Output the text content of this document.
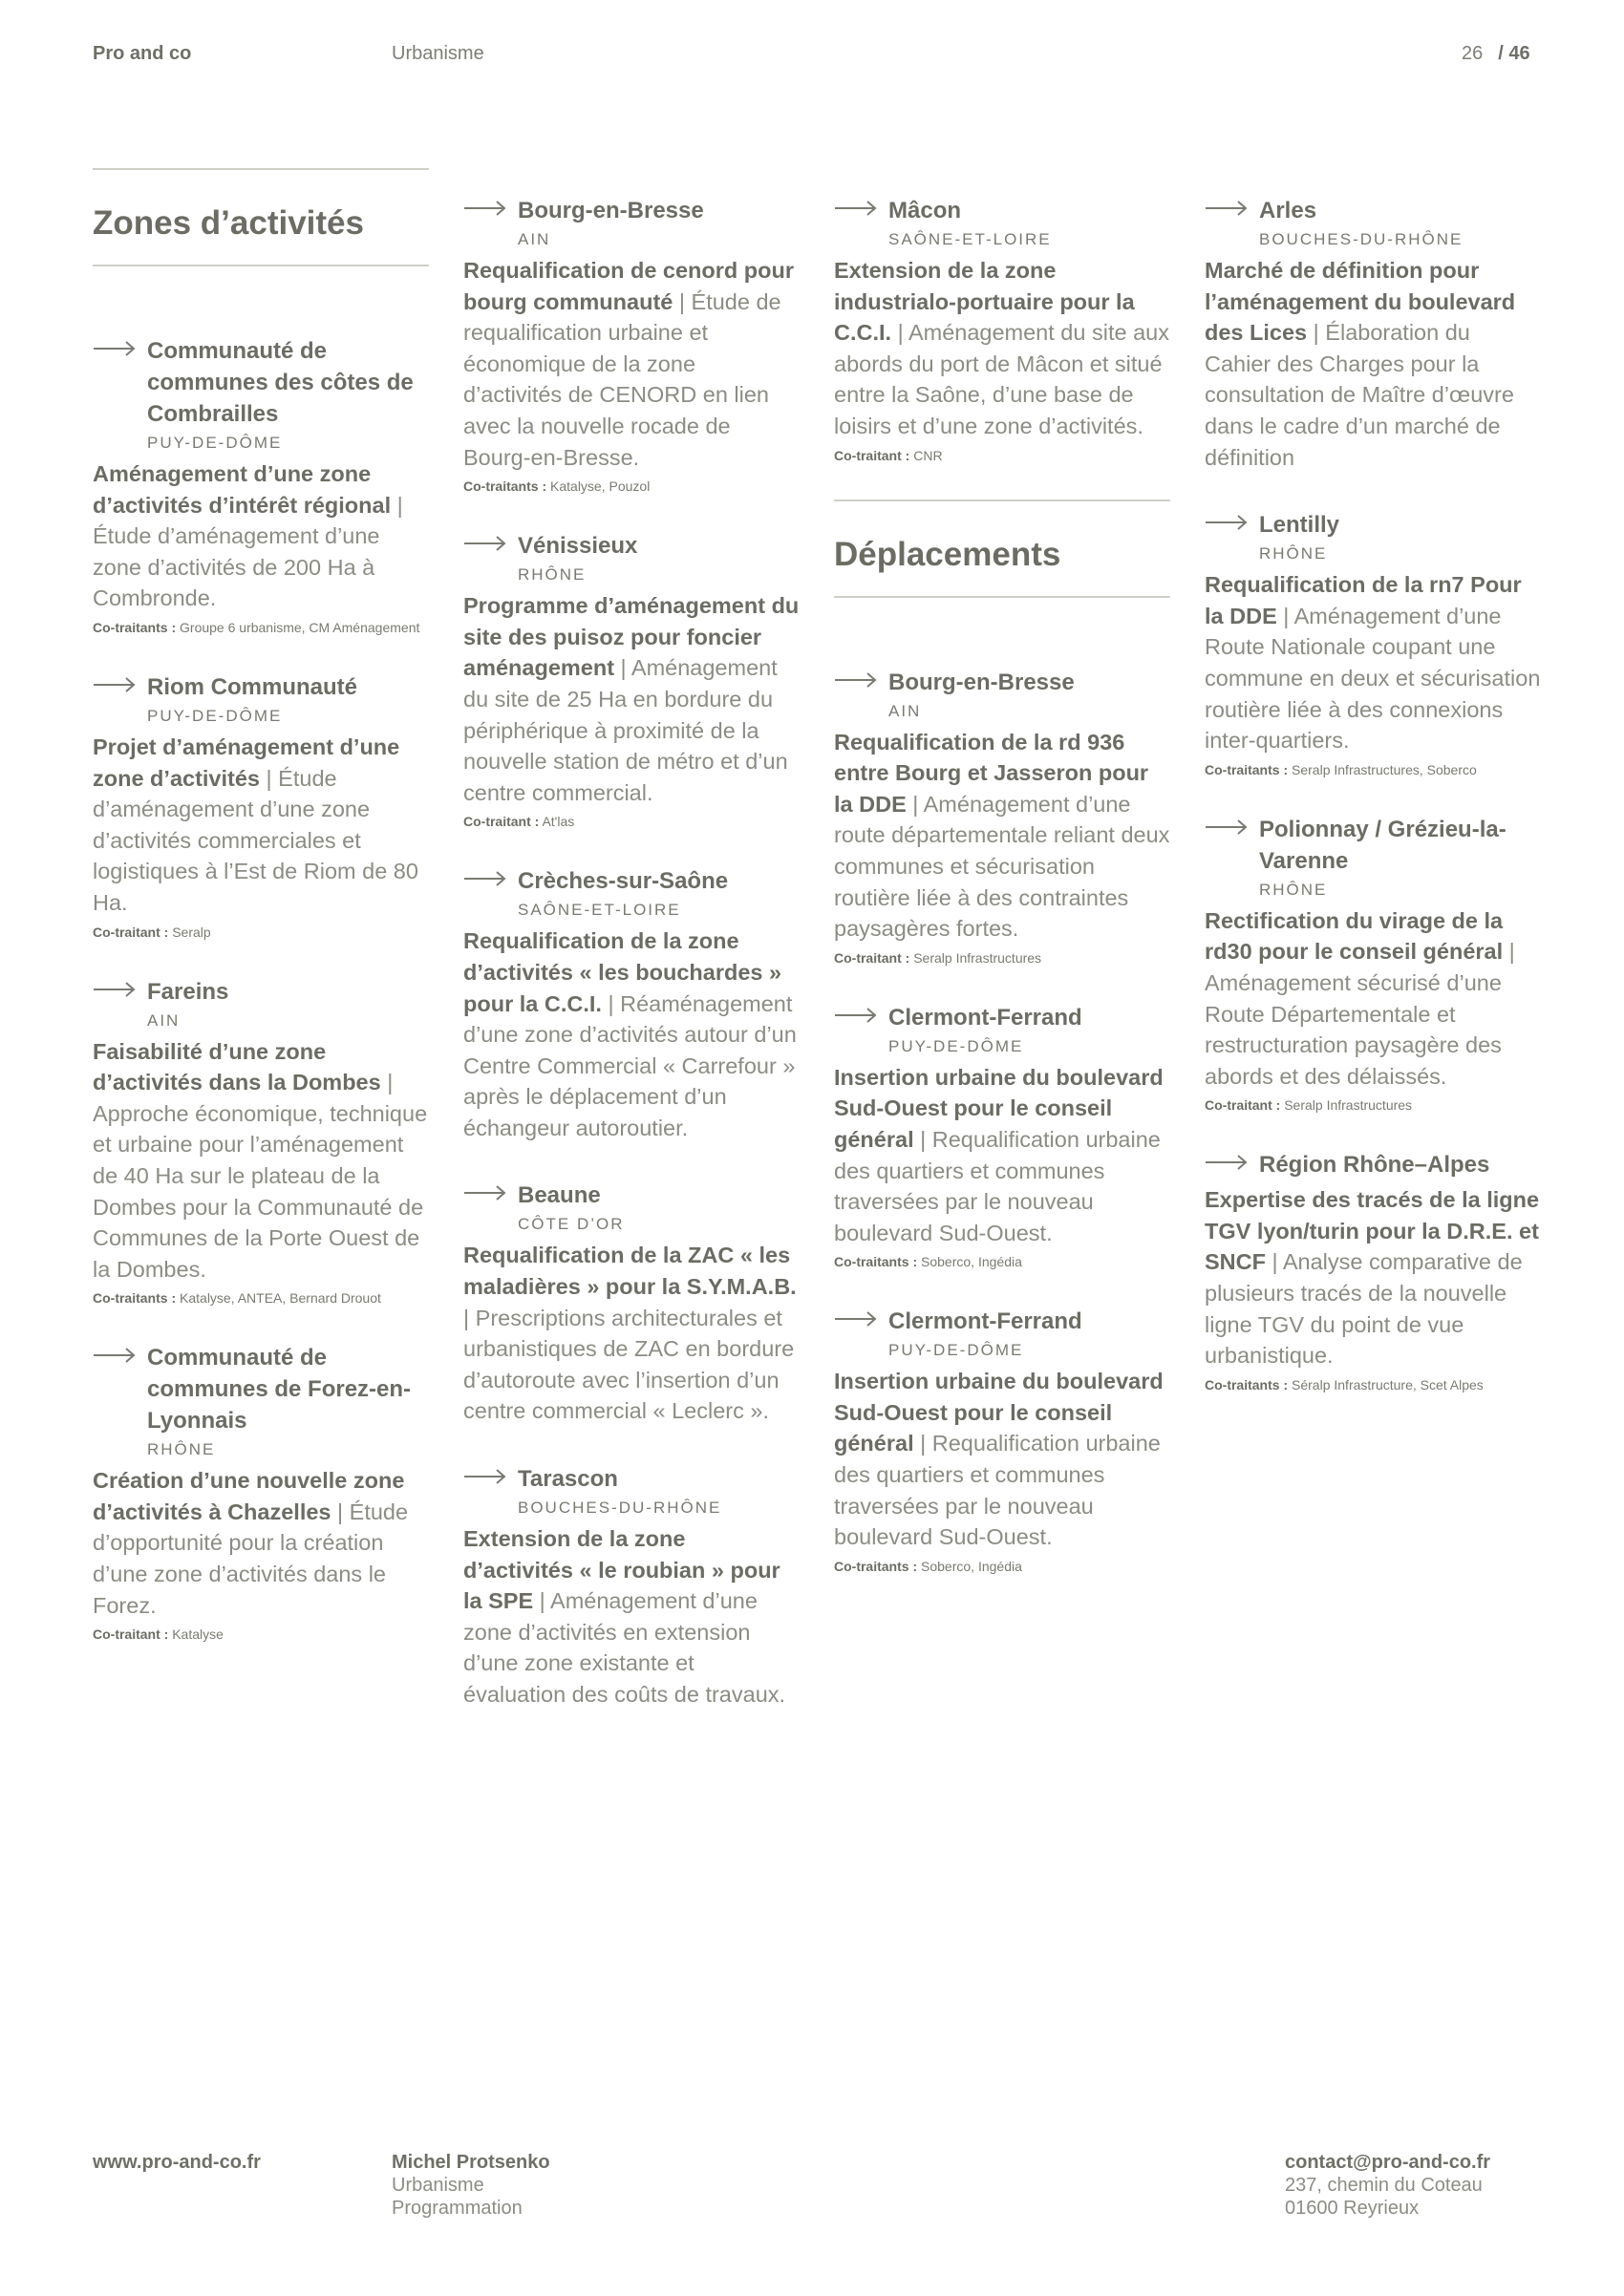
Pro and co	Urbanisme	26 / 46
Zones d’activités
Communauté de communes des côtes de Combrailles
PUY-DE-DÔME
Aménagement d’une zone d’activités d’intérêt régional | Étude d’aménagement d’une zone d’activités de 200 Ha à Combronde.
Co-traitants : Groupe 6 urbanisme, CM Aménagement
Riom Communauté
PUY-DE-DÔME
Projet d’aménagement d’une zone d’activités | Étude d’aménagement d’une zone d’activités commerciales et logistiques à l’Est de Riom de 80 Ha.
Co-traitant : Seralp
Fareins
AIN
Faisabilité d’une zone d’activités dans la Dombes | Approche économique, technique et urbaine pour l’aménagement de 40 Ha sur le plateau de la Dombes pour la Communauté de Communes de la Porte Ouest de la Dombes.
Co-traitants : Katalyse, ANTEA, Bernard Drouot
Communauté de communes de Forez-en-Lyonnais
RHÔNE
Création d’une nouvelle zone d’activités à Chazelles | Étude d’opportunité pour la création d’une zone d’activités dans le Forez.
Co-traitant : Katalyse
Bourg-en-Bresse
AIN
Requalification de cenord pour bourg communauté | Étude de requalification urbaine et économique de la zone d’activités de CENORD en lien avec la nouvelle rocade de Bourg-en-Bresse.
Co-traitants : Katalyse, Pouzol
Vénissieux
RHÔNE
Programme d’aménagement du site des puisoz pour foncier aménagement | Aménagement du site de 25 Ha en bordure du périphérique à proximité de la nouvelle station de métro et d’un centre commercial.
Co-traitant : At'las
Crèches-sur-Saône
SAÔNE-ET-LOIRE
Requalification de la zone d’activités « les bouchardes » pour la C.C.I. | Réaménagement d’une zone d’activités autour d’un Centre Commercial « Carrefour » après le déplacement d’un échangeur autoroutier.
Beaune
CÔTE D’OR
Requalification de la ZAC « les maladières » pour la S.Y.M.A.B. | Prescriptions architecturales et urbanistiques de ZAC en bordure d’autoroute avec l’insertion d’un centre commercial « Leclerc ».
Tarascon
BOUCHES-DU-RHÔNE
Extension de la zone d’activités « le roubian » pour la SPE | Aménagement d’une zone d’activités en extension d’une zone existante et évaluation des coûts de travaux.
Mâcon
SAÔNE-ET-LOIRE
Extension de la zone industrialo-portuaire pour la C.C.I. | Aménagement du site aux abords du port de Mâcon et situé entre la Saône, d’une base de loisirs et d’une zone d’activités.
Co-traitant : CNR
Déplacements
Bourg-en-Bresse
AIN
Requalification de la rd 936 entre Bourg et Jasseron pour la DDE | Aménagement d’une route départementale reliant deux communes et sécurisation routière liée à des contraintes paysagères fortes.
Co-traitant : Seralp Infrastructures
Clermont-Ferrand
PUY-DE-DÔME
Insertion urbaine du boulevard Sud-Ouest pour le conseil général | Requalification urbaine des quartiers et communes traversées par le nouveau boulevard Sud-Ouest.
Co-traitants : Soberco, Ingédia
Clermont-Ferrand
PUY-DE-DÔME
Insertion urbaine du boulevard Sud-Ouest pour le conseil général | Requalification urbaine des quartiers et communes traversées par le nouveau boulevard Sud-Ouest.
Co-traitants : Soberco, Ingédia
Arles
BOUCHES-DU-RHÔNE
Marché de définition pour l’aménagement du boulevard des Lices | Élaboration du Cahier des Charges pour la consultation de Maître d’œuvre dans le cadre d’un marché de définition
Lentilly
RHÔNE
Requalification de la rn7 Pour la DDE | Aménagement d’une Route Nationale coupant une commune en deux et sécurisation routière liée à des connexions inter-quartiers.
Co-traitants : Seralp Infrastructures, Soberco
Polionnay / Grézieu-la-Varenne
RHÔNE
Rectification du virage de la rd30 pour le conseil général | Aménagement sécurisé d’une Route Départementale et restructuration paysagère des abords et des délaissés.
Co-traitant : Seralp Infrastructures
Région Rhône–Alpes
Expertise des tracés de la ligne TGV lyon/turin pour la D.R.E. et SNCF | Analyse comparative de plusieurs tracés de la nouvelle ligne TGV du point de vue urbanistique.
Co-traitants : Séralp Infrastructure, Scet Alpes
www.pro-and-co.fr	Michel Protsenko
Urbanisme
Programmation
contact@pro-and-co.fr
237, chemin du Coteau
01600 Reyrieux
